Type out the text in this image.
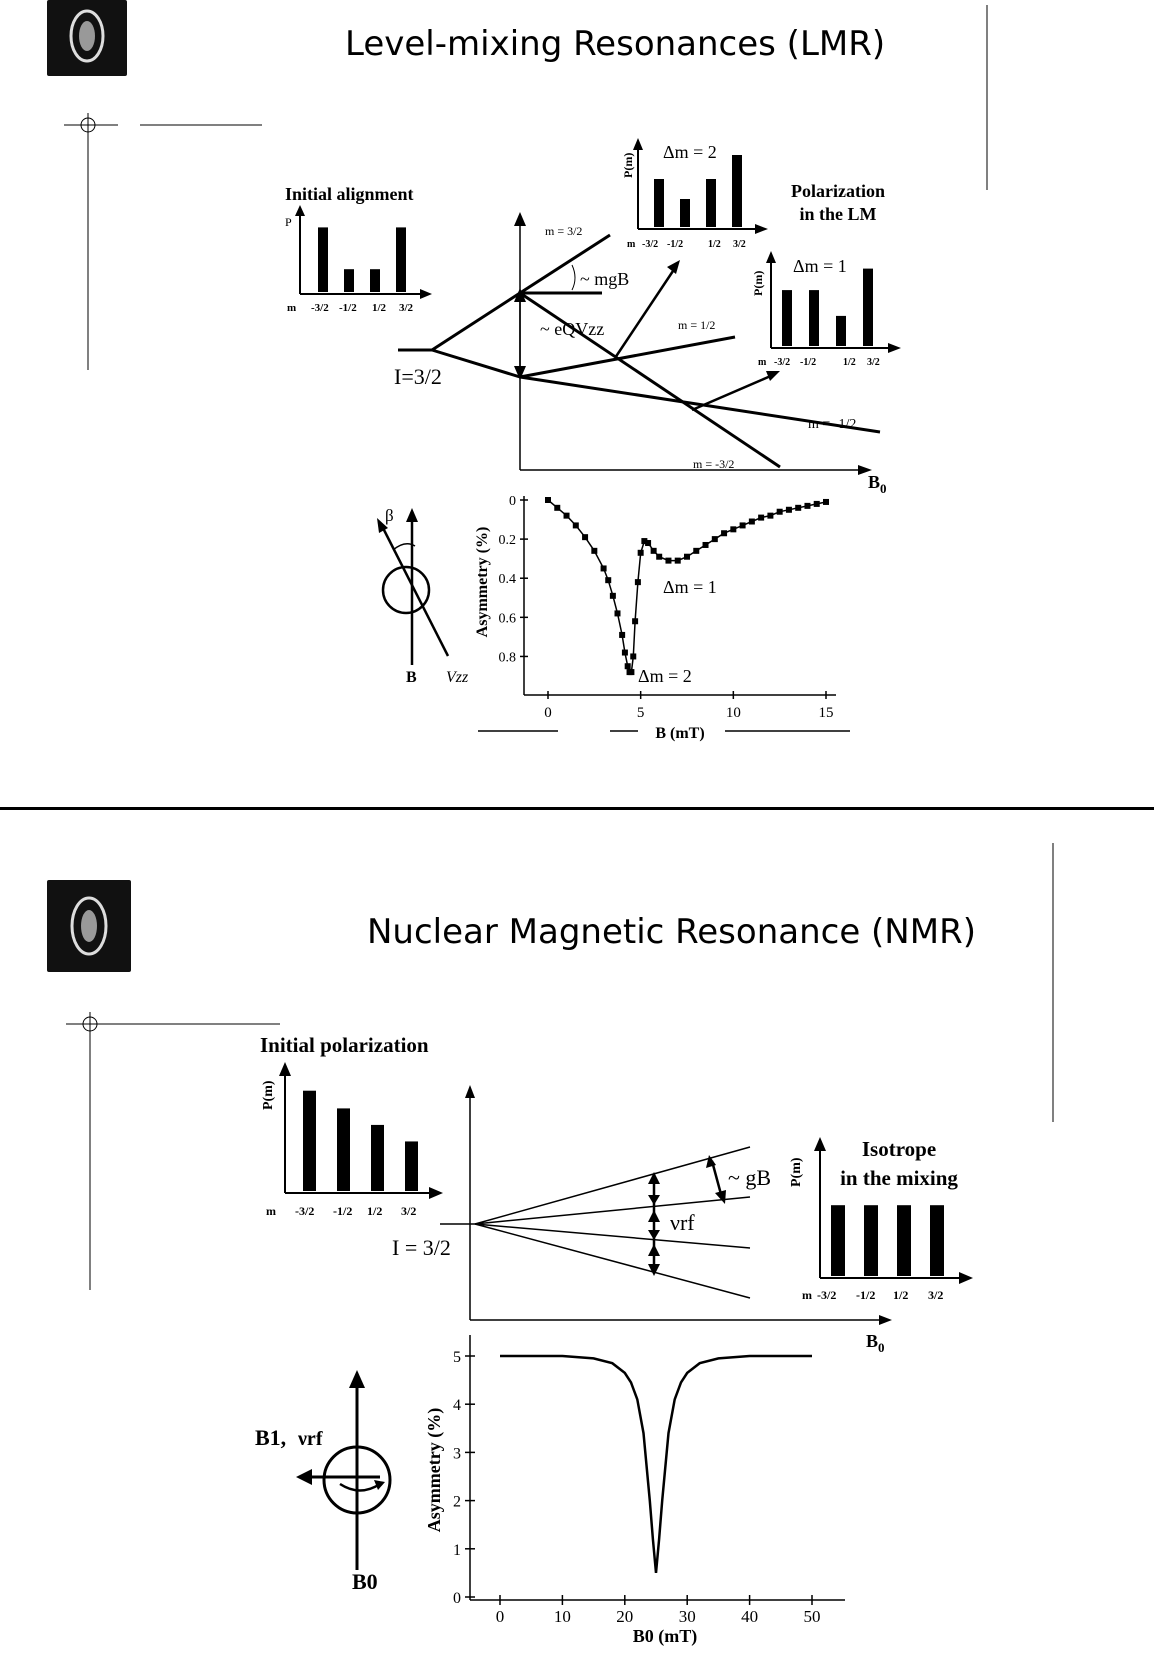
Level-mixing Resonances (LMR)
Initial alignment
P
m -3/2 -1/2 1/2 3/2
I=3/2
m = 3/2
~ mgB
~ eQVzz	m = 1/2
m = -1/2
m = -3/2
$B_0$
Δm = 2
P(m)
m -3/2 -1/2 1/2 3/2
Polarization
in the LM
Δm = 1
P(m)
m -3/2 -1/2	1/2 3/2
β
B Vzz
0
0.2
0.4
0.6
0.8
0	5	10	15
Asymmetry (%)
B (mT)
Δm = 1
Δm = 2
Nuclear Magnetic Resonance (NMR)
Initial polarization
P(m)
m -3/2 -1/2 1/2 3/2
I = 3/2
~ gB
νrf
$B_0$
Isotrope
in the mixing
P(m)
m -3/2 -1/2 1/2 3/2
B1, νrf
B0
0
1
2
3
4
5
0	10	20	30	40	50
Asymmetry (%)
B0 (mT)
